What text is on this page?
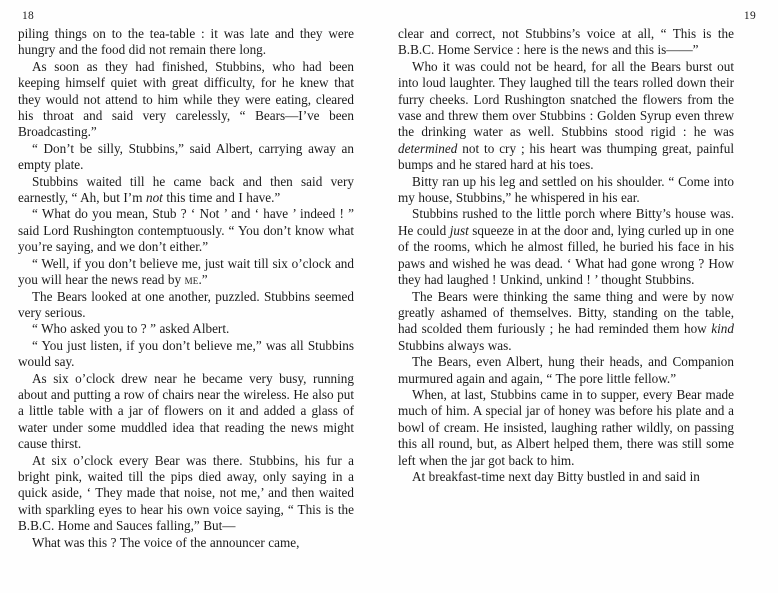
18	19

piling things on to the tea-table : it was late and they were hungry and the food did not remain there long.

As soon as they had finished, Stubbins, who had been keeping himself quiet with great difficulty, for he knew that they would not attend to him while they were eating, cleared his throat and said very carelessly, “ Bears—I’ve been Broadcasting.”

“ Don’t be silly, Stubbins,” said Albert, carrying away an empty plate.

Stubbins waited till he came back and then said very earnestly, “ Ah, but I’m not this time and I have.”

“ What do you mean, Stub ? ‘ Not ’ and ‘ have ’ indeed ! ” said Lord Rushington contemptuously. “ You don’t know what you’re saying, and we don’t either.”

“ Well, if you don’t believe me, just wait till six o’clock and you will hear the news read by me.”

The Bears looked at one another, puzzled. Stubbins seemed very serious.

“ Who asked you to ? ” asked Albert.

“ You just listen, if you don’t believe me,” was all Stubbins would say.

As six o’clock drew near he became very busy, running about and putting a row of chairs near the wireless. He also put a little table with a jar of flowers on it and added a glass of water under some muddled idea that reading the news might cause thirst.

At six o’clock every Bear was there. Stubbins, his fur a bright pink, waited till the pips died away, only saying in a quick aside, ‘ They made that noise, not me,’ and then waited with sparkling eyes to hear his own voice saying, “ This is the B.B.C. Home and Sauces falling,” But—

What was this ? The voice of the announcer came,

clear and correct, not Stubbins’s voice at all, “ This is the B.B.C. Home Service : here is the news and this is——”

Who it was could not be heard, for all the Bears burst out into loud laughter. They laughed till the tears rolled down their furry cheeks. Lord Rushington snatched the flowers from the vase and threw them over Stubbins : Golden Syrup even threw the drinking water as well. Stubbins stood rigid : he was determined not to cry ; his heart was thumping great, painful bumps and he stared hard at his toes.

Bitty ran up his leg and settled on his shoulder. “ Come into my house, Stubbins,” he whispered in his ear.

Stubbins rushed to the little porch where Bitty’s house was. He could just squeeze in at the door and, lying curled up in one of the rooms, which he almost filled, he buried his face in his paws and wished he was dead. ‘ What had gone wrong ? How they had laughed ! Unkind, unkind ! ’ thought Stubbins.

The Bears were thinking the same thing and were by now greatly ashamed of themselves. Bitty, standing on the table, had scolded them furiously ; he had reminded them how kind Stubbins always was.

The Bears, even Albert, hung their heads, and Companion murmured again and again, “ The pore little fellow.”

When, at last, Stubbins came in to supper, every Bear made much of him. A special jar of honey was before his plate and a bowl of cream. He insisted, laughing rather wildly, on passing this all round, but, as Albert helped them, there was still some left when the jar got back to him.

At breakfast-time next day Bitty bustled in and said in
